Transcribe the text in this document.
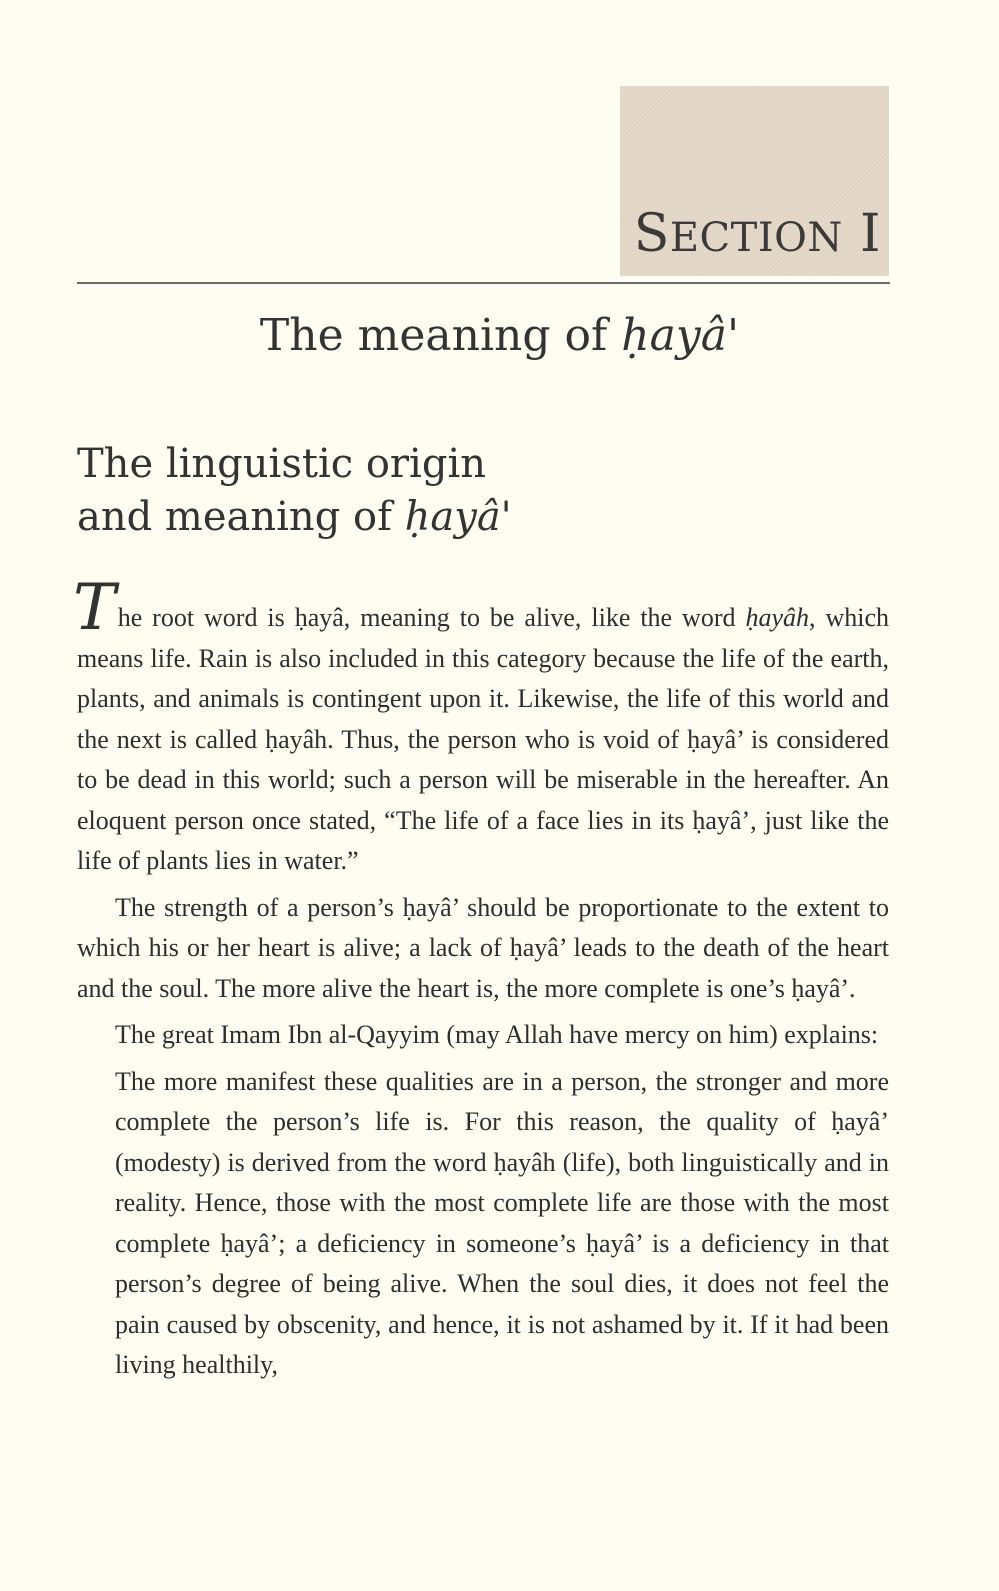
SECTION I
The meaning of ḥayâ'
The linguistic origin
and meaning of ḥayâ'

The root word is ḥayâ, meaning to be alive, like the word ḥayâh, which means life. Rain is also included in this category because the life of the earth, plants, and animals is contingent upon it. Likewise, the life of this world and the next is called ḥayâh. Thus, the person who is void of ḥayâ’ is considered to be dead in this world; such a person will be miserable in the hereafter. An eloquent person once stated, “The life of a face lies in its ḥayâ’, just like the life of plants lies in water.”

The strength of a person’s ḥayâ’ should be proportionate to the extent to which his or her heart is alive; a lack of ḥayâ’ leads to the death of the heart and the soul. The more alive the heart is, the more complete is one’s ḥayâ’.

The great Imam Ibn al-Qayyim (may Allah have mercy on him) explains:

The more manifest these qualities are in a person, the stronger and more complete the person’s life is. For this reason, the quality of ḥayâ’ (modesty) is derived from the word ḥayâh (life), both linguistically and in reality. Hence, those with the most complete life are those with the most complete ḥayâ’; a deficiency in someone’s ḥayâ’ is a deficiency in that person’s degree of being alive. When the soul dies, it does not feel the pain caused by obscenity, and hence, it is not ashamed by it. If it had been living healthily,
